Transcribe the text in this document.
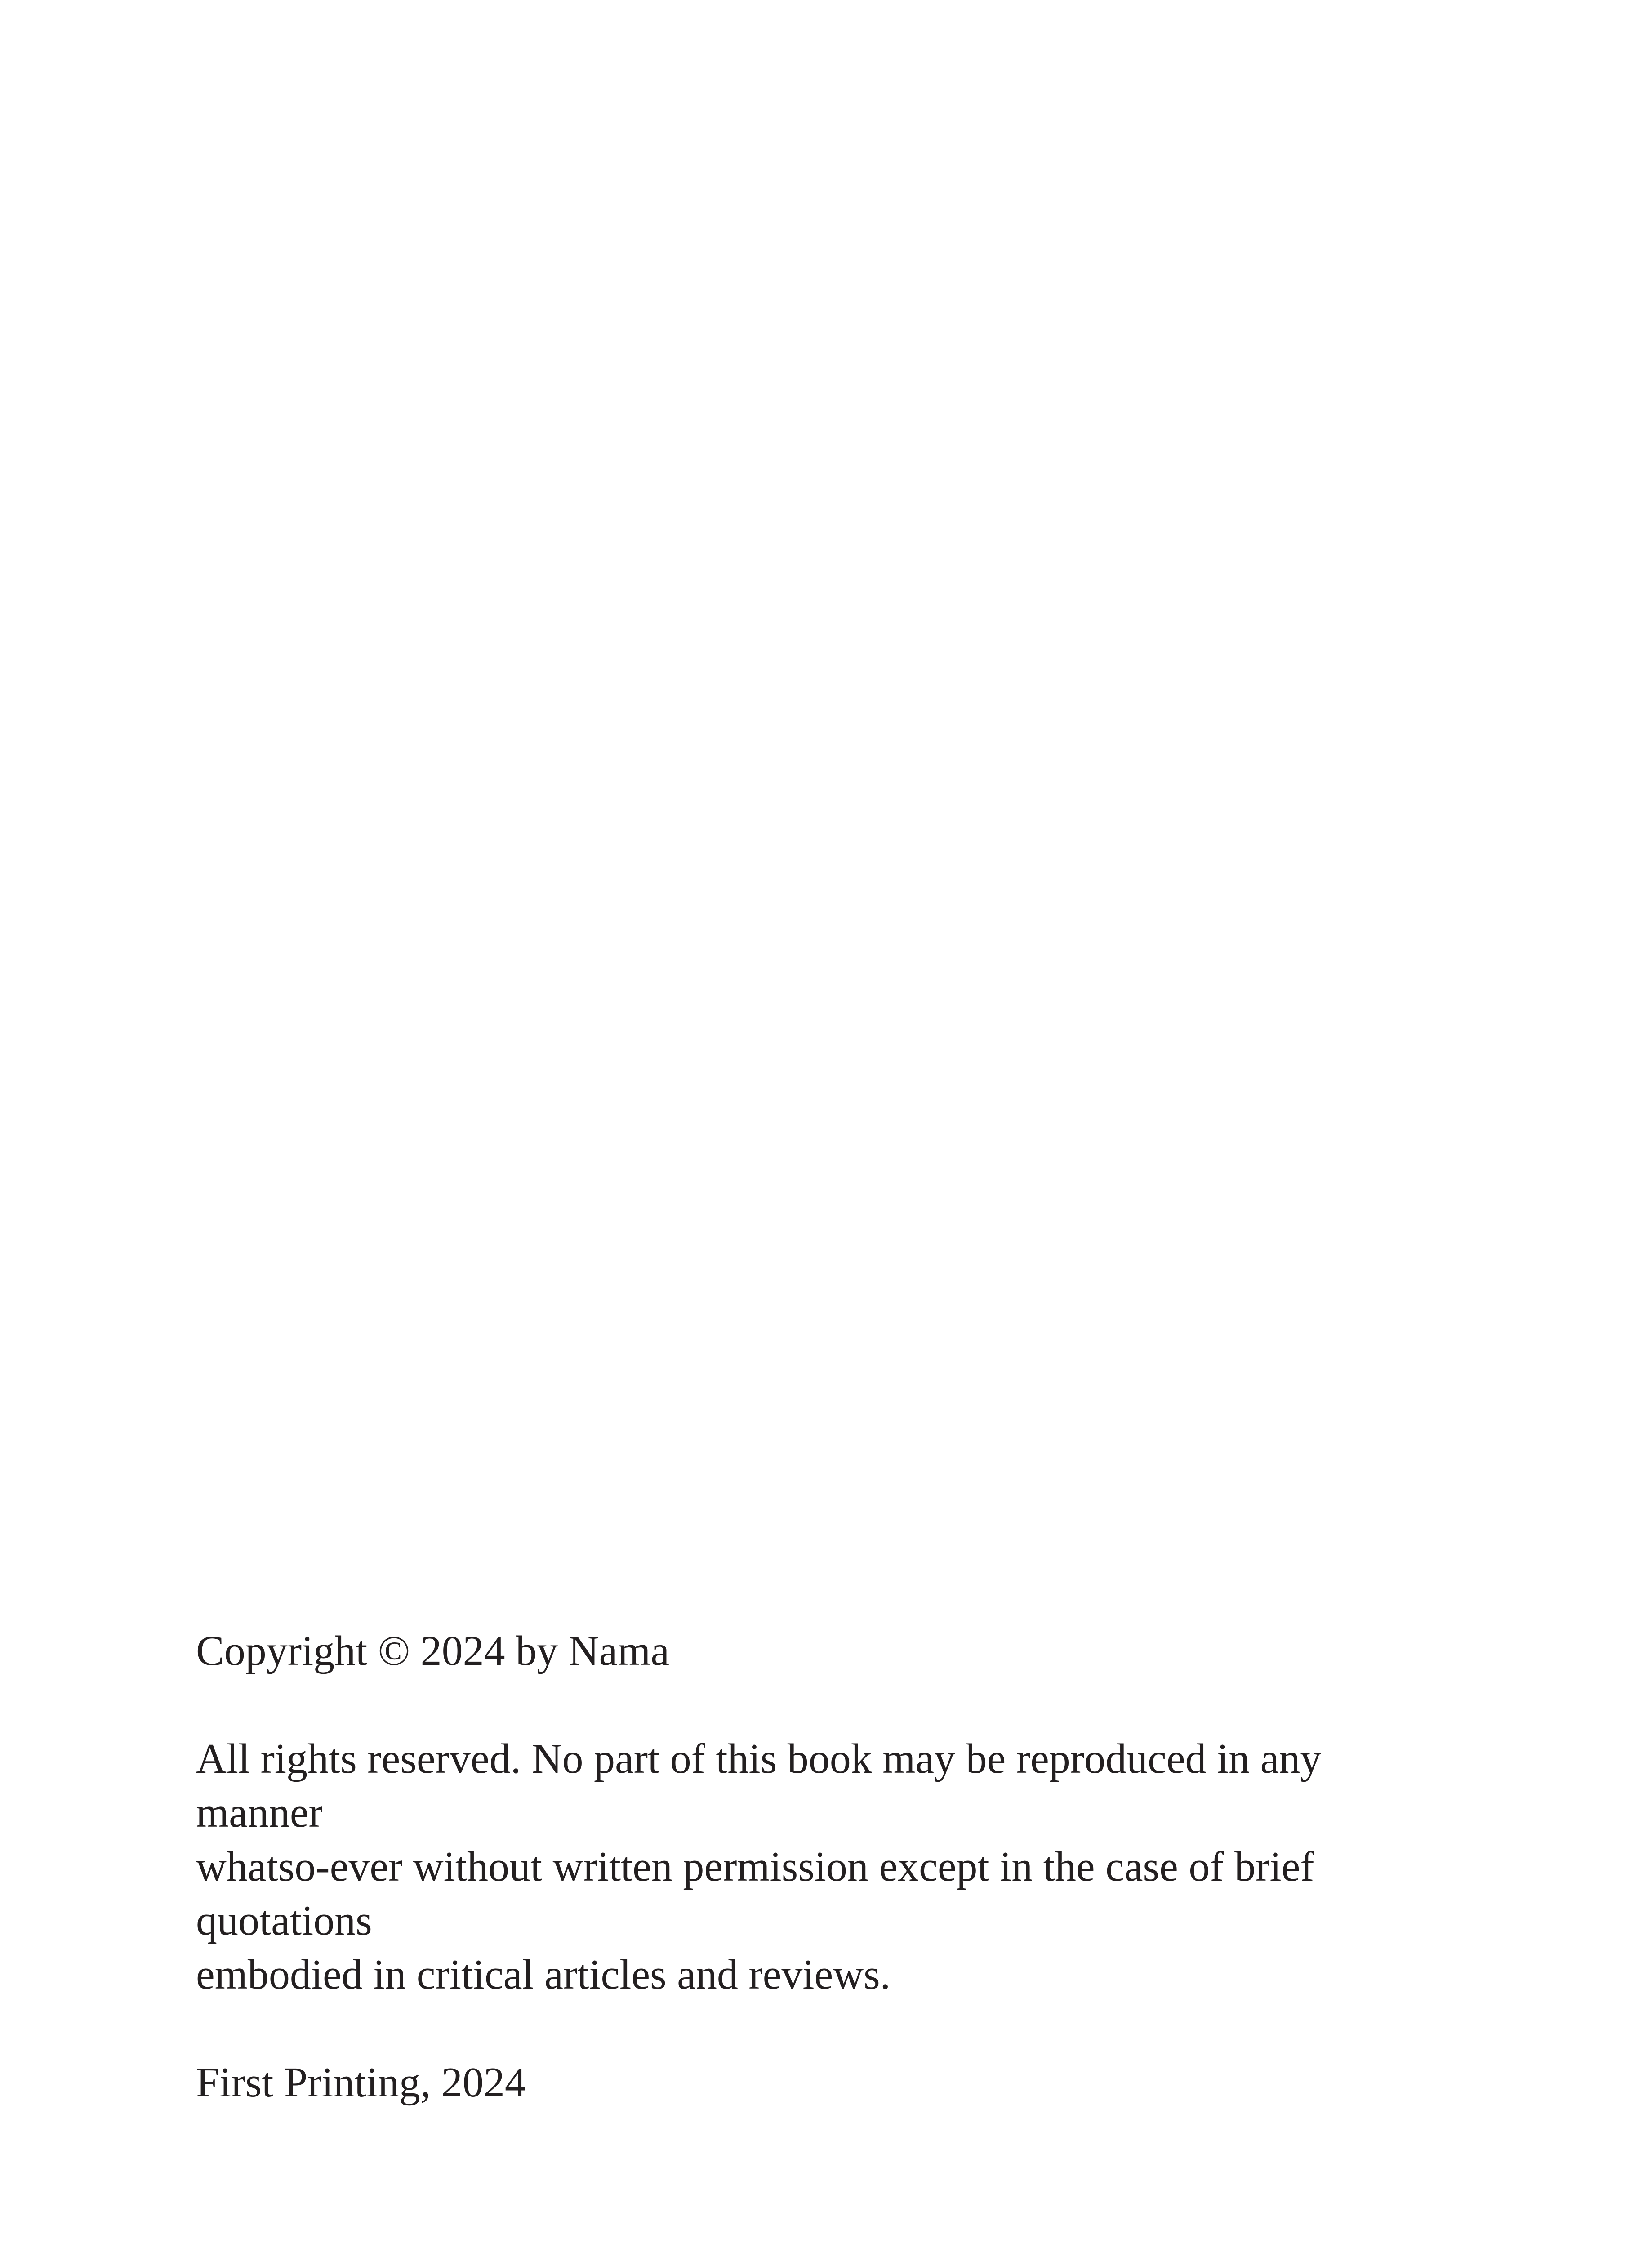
Copyright © 2024 by Nama
All rights reserved. No part of this book may be reproduced in any
manner
whatso-ever without written permission except in the case of brief
quotations
embodied in critical articles and reviews.
First Printing, 2024
